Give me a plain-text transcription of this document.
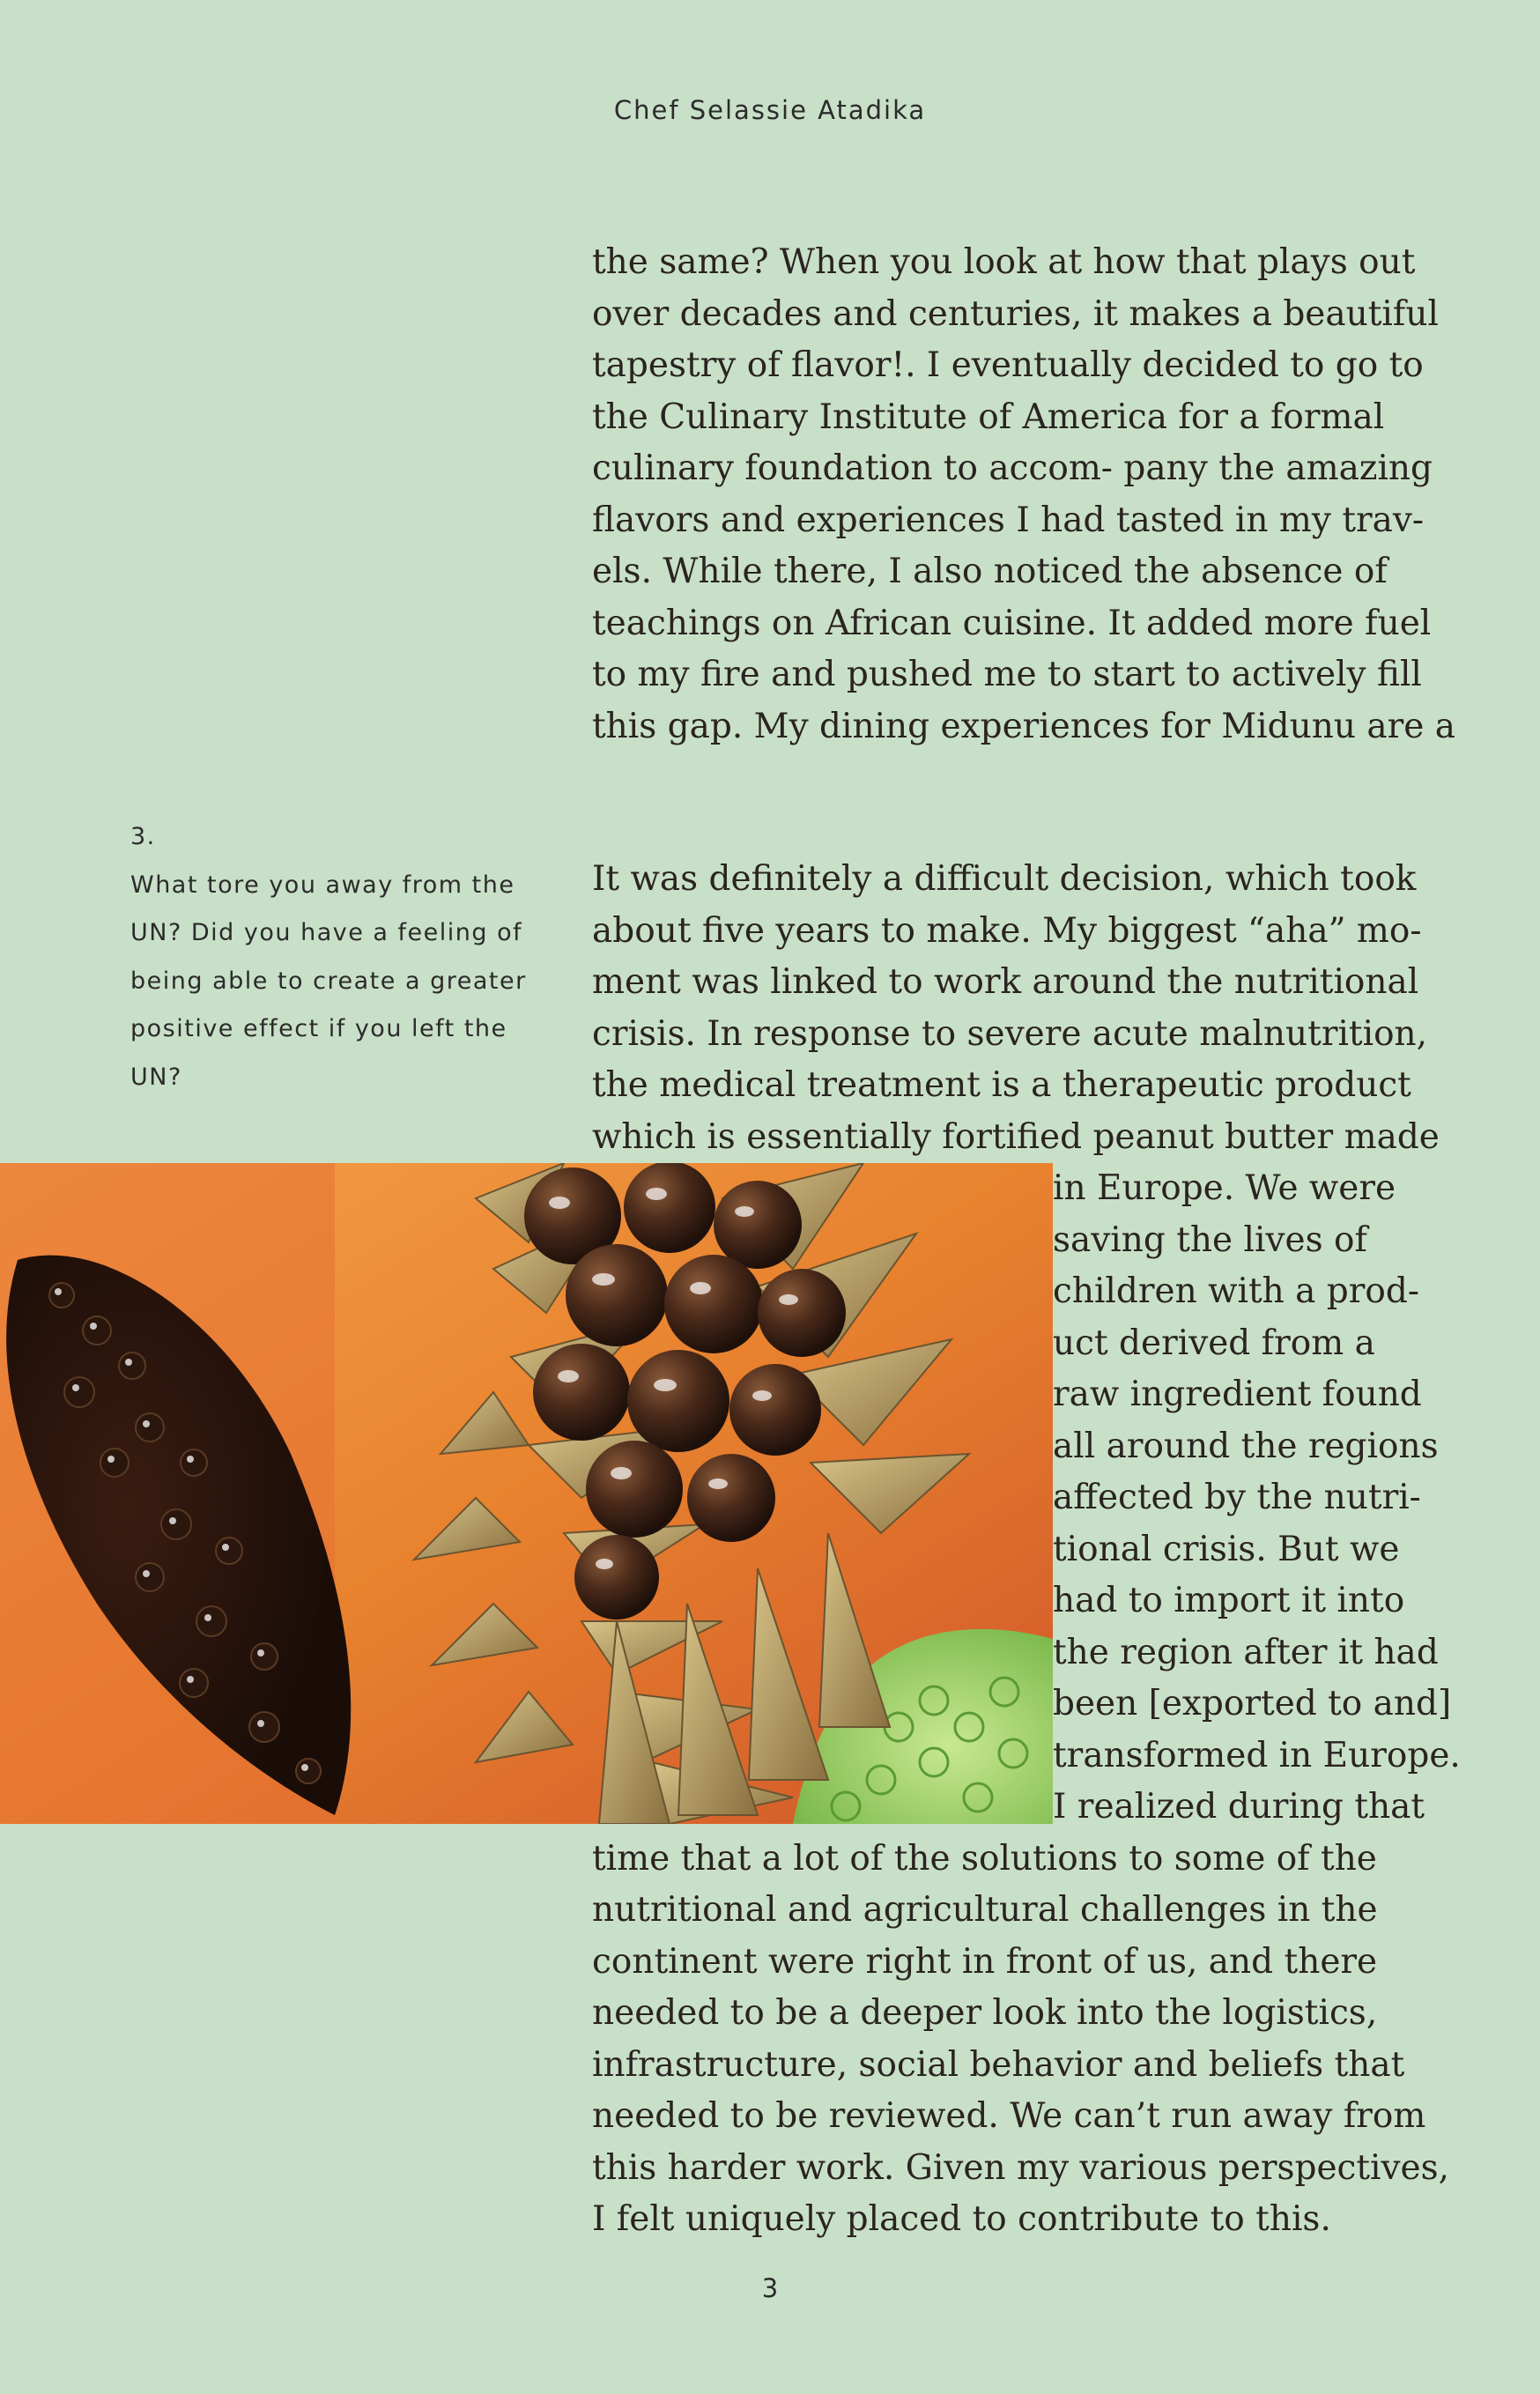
Chef Selassie Atadika
the same? When you look at how that plays out
over decades and centuries, it makes a beautiful
tapestry of flavor!. I eventually decided to go to
the Culinary Institute of America for a formal
culinary foundation to accom- pany the amazing
flavors and experiences I had tasted in my trav-
els. While there, I also noticed the absence of
teachings on African cuisine. It added more fuel
to my fire and pushed me to start to actively fill
this gap. My dining experiences for Midunu are a
3.
What tore you away from the
UN? Did you have a feeling of
being able to create a greater
positive effect if you left the
UN?
It was definitely a difficult decision, which took
about five years to make. My biggest “aha” mo-
ment was linked to work around the nutritional
crisis. In response to severe acute malnutrition,
the medical treatment is a therapeutic product
which is essentially fortified peanut butter made
in Europe. We were
saving the lives of
children with a prod-
uct derived from a
raw ingredient found
all around the regions
affected by the nutri-
tional crisis. But we
had to import it into
the region after it had
been [exported to and]
transformed in Europe.
I realized during that
time that a lot of the solutions to some of the
nutritional and agricultural challenges in the
continent were right in front of us, and there
needed to be a deeper look into the logistics,
infrastructure, social behavior and beliefs that
needed to be reviewed. We can’t run away from
this harder work. Given my various perspectives,
I felt uniquely placed to contribute to this.
3
